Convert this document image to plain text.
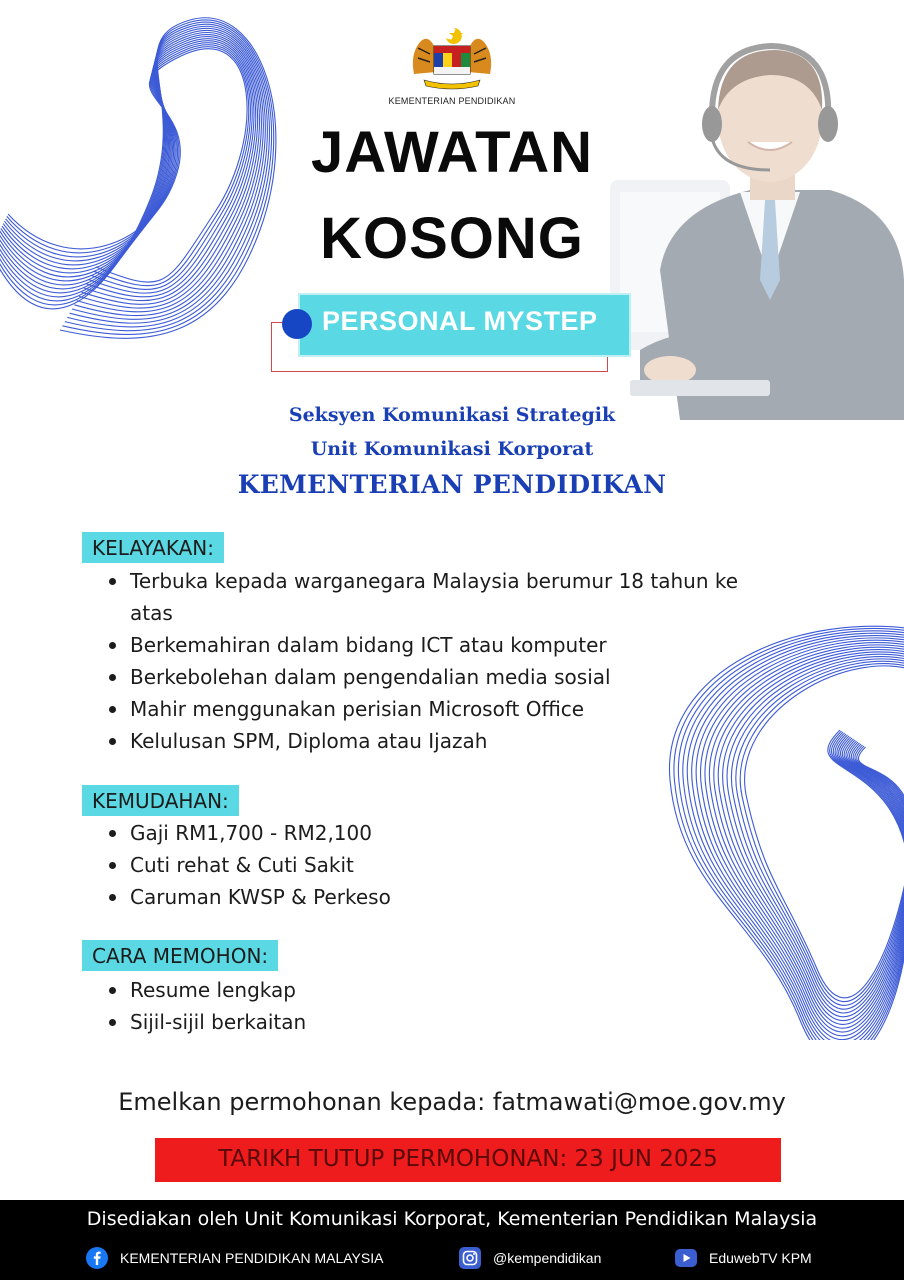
KEMENTERIAN PENDIDIKAN
JAWATAN
KOSONG
PERSONAL MYSTEP
Seksyen Komunikasi Strategik
Unit Komunikasi Korporat
KEMENTERIAN PENDIDIKAN
KELAYAKAN:
Terbuka kepada warganegara Malaysia berumur 18 tahun ke atas
Berkemahiran dalam bidang ICT atau komputer
Berkebolehan dalam pengendalian media sosial
Mahir menggunakan perisian Microsoft Office
Kelulusan SPM, Diploma atau Ijazah
KEMUDAHAN:
Gaji RM1,700 - RM2,100
Cuti rehat & Cuti Sakit
Caruman KWSP & Perkeso
CARA MEMOHON:
Resume lengkap
Sijil-sijil berkaitan
Emelkan permohonan kepada: fatmawati@moe.gov.my
TARIKH TUTUP PERMOHONAN: 23 JUN 2025
Disediakan oleh Unit Komunikasi Korporat, Kementerian Pendidikan Malaysia
KEMENTERIAN PENDIDIKAN MALAYSIA	@kempendidikan	EduwebTV KPM
